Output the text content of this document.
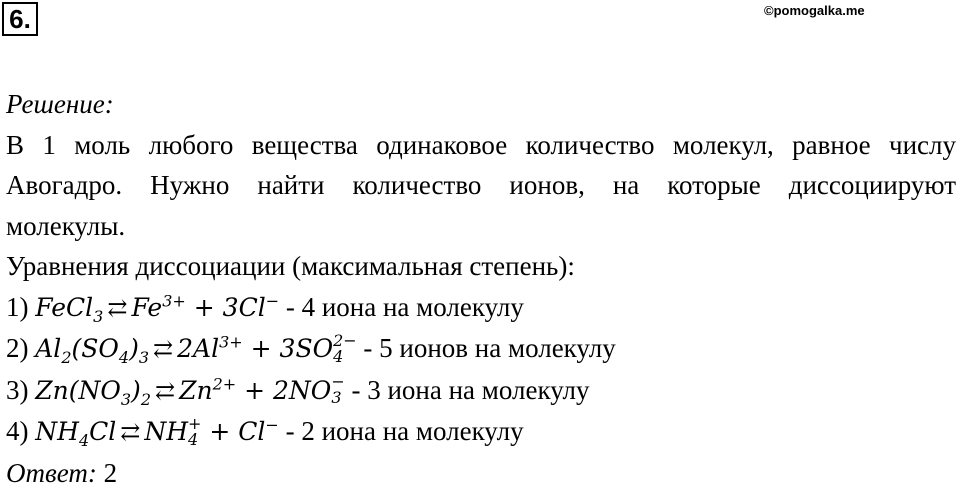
6.	©pomogalka.me
Решение:
В 1 моль любого вещества одинаковое количество молекул, равное числу
Авогадро. Нужно найти количество ионов, на которые диссоциируют
молекулы.
Уравнения диссоциации (максимальная степень):
1) FeCl$_3$ ⇄ $Fe^{3+} + 3Cl^- - 4$ иона на молекулу
2) $Al_2(SO_4)_3$ ⇄ $2Al^{3+} + 3SO$ 2−
4 - 5 ионов на молекулу
3) $Zn(NO_3)_2$ ⇄ $Zn^{2+} + 2NO$ −
3 - 3 иона на молекулу
4) $NH_4Cl$ ⇄ NH +
4 + Cl− - 2 иона на молекулу
Ответ: 2
